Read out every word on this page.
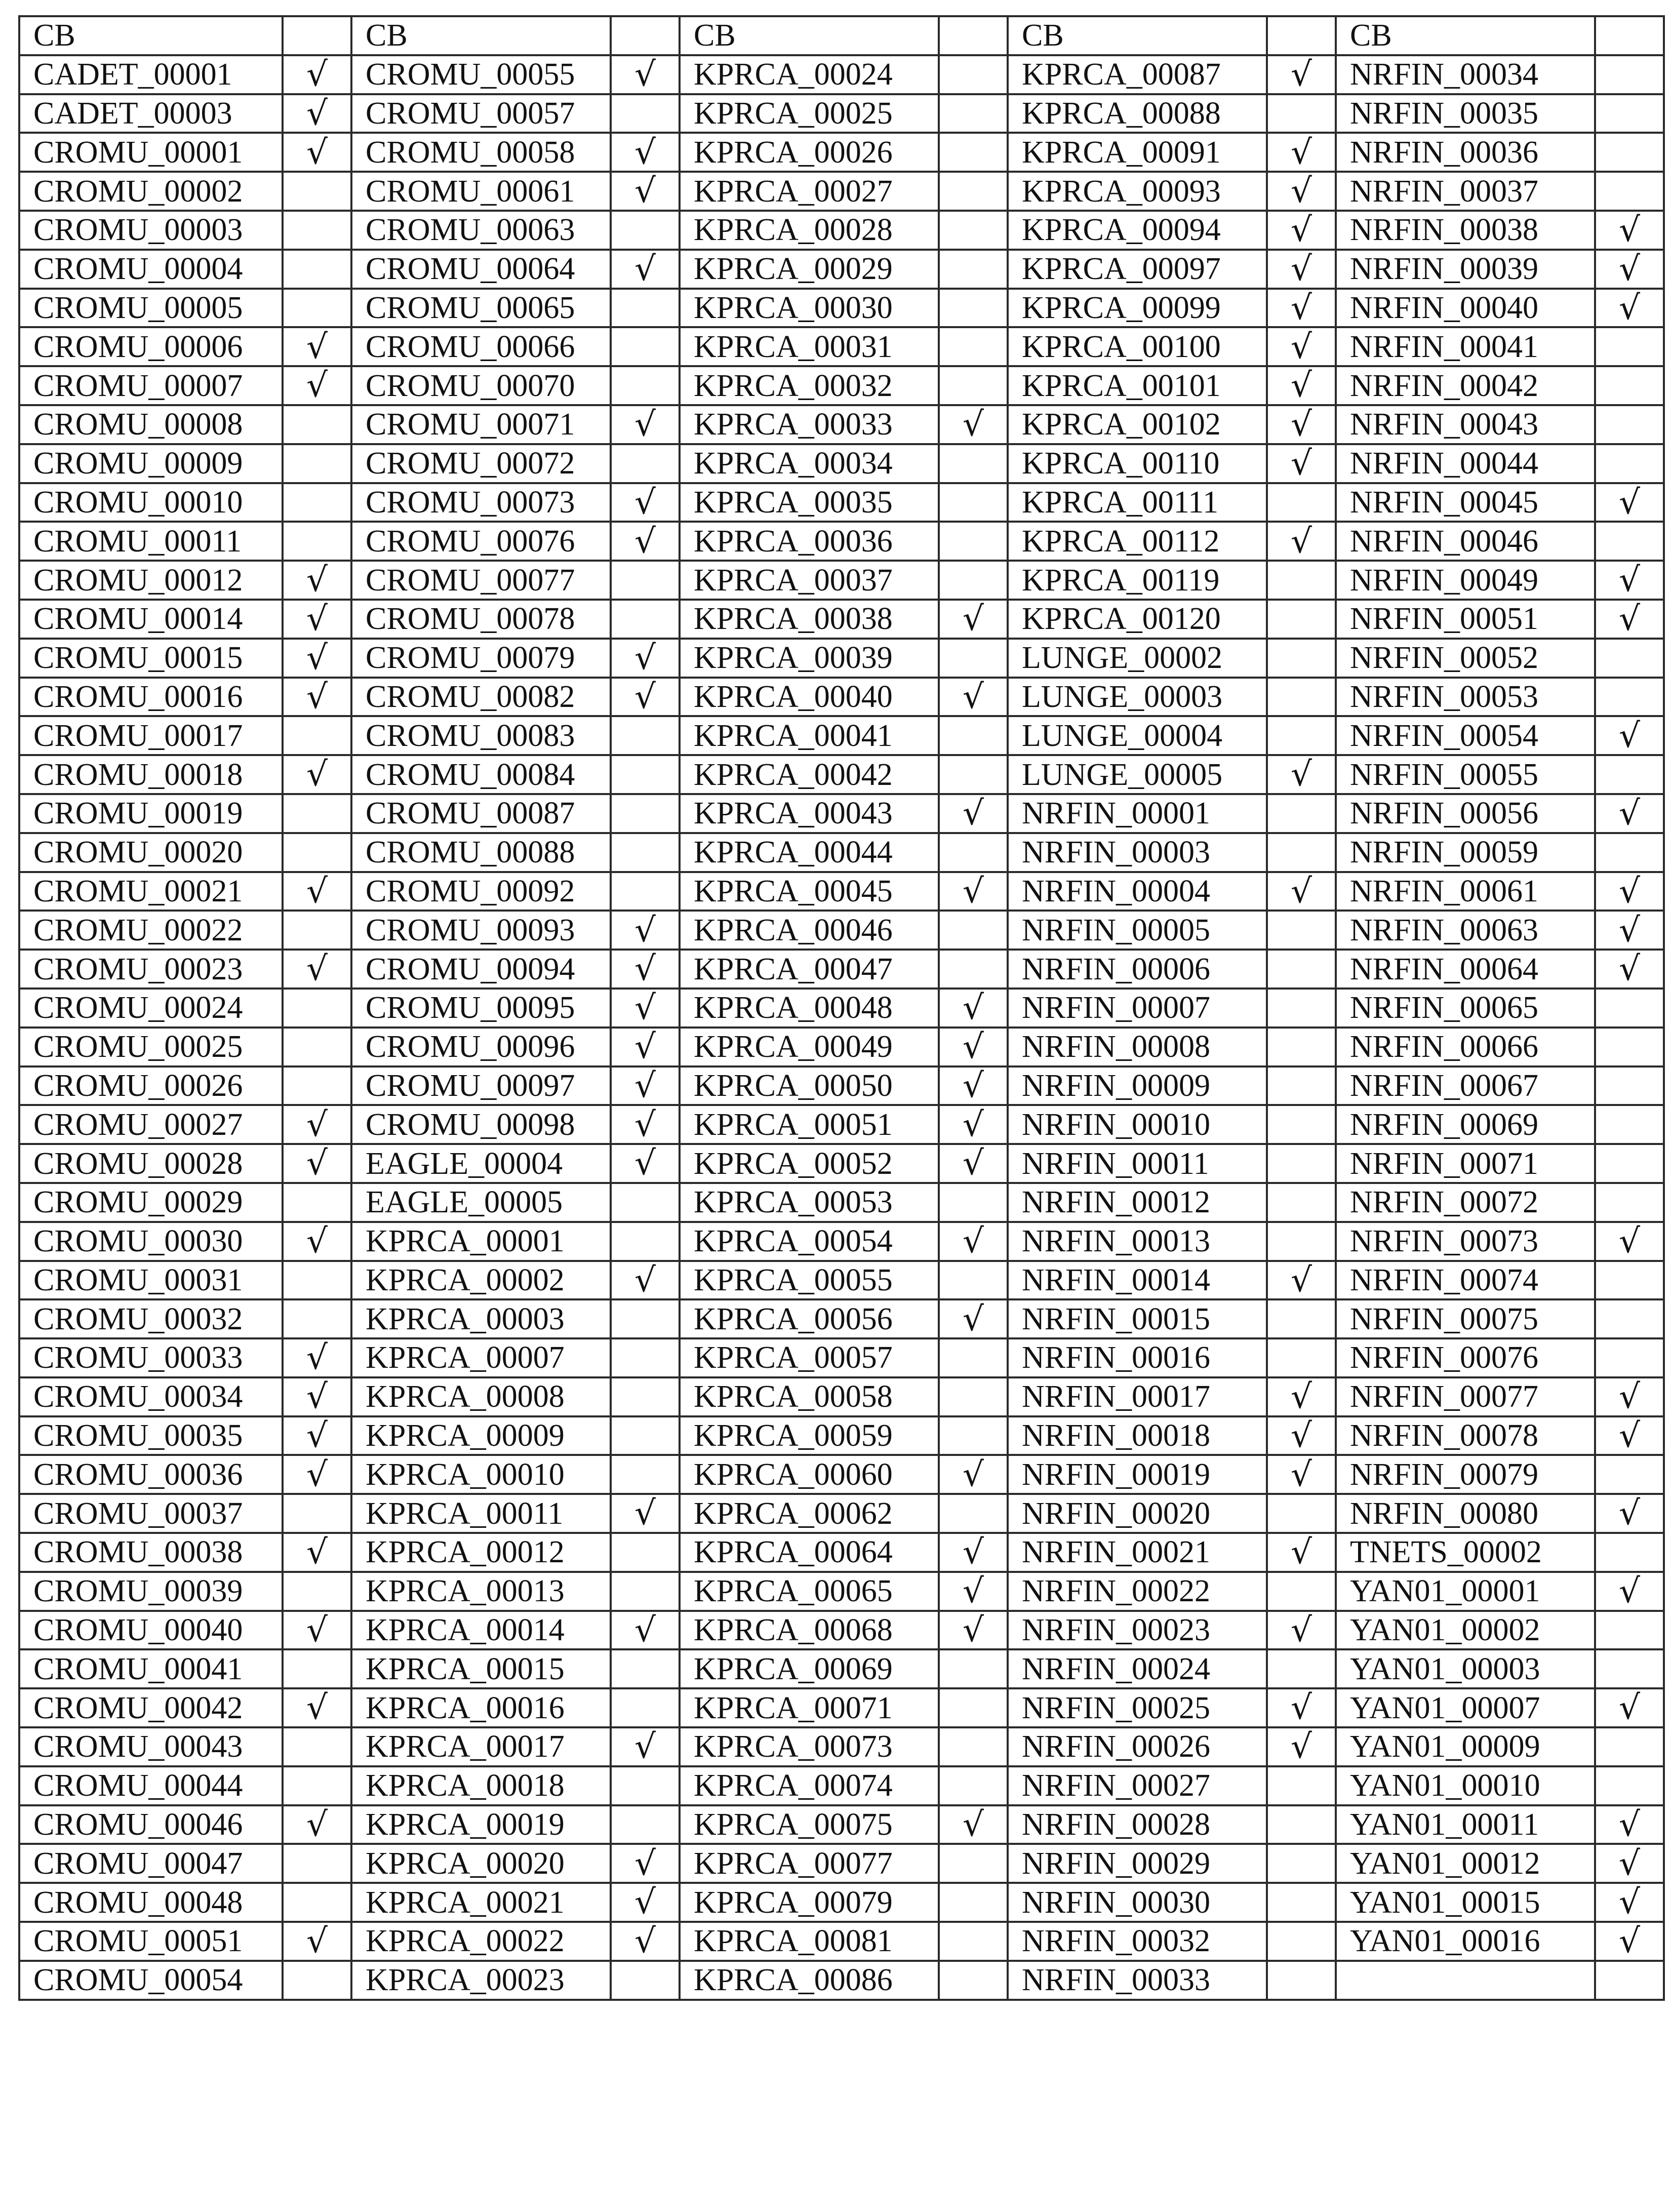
CB		CB		CB		CB		CB	
CADET_00001	√	CROMU_00055	√	KPRCA_00024		KPRCA_00087	√	NRFIN_00034	
CADET_00003	√	CROMU_00057		KPRCA_00025		KPRCA_00088		NRFIN_00035	
CROMU_00001	√	CROMU_00058	√	KPRCA_00026		KPRCA_00091	√	NRFIN_00036	
CROMU_00002		CROMU_00061	√	KPRCA_00027		KPRCA_00093	√	NRFIN_00037	
CROMU_00003		CROMU_00063		KPRCA_00028		KPRCA_00094	√	NRFIN_00038	√
CROMU_00004		CROMU_00064	√	KPRCA_00029		KPRCA_00097	√	NRFIN_00039	√
CROMU_00005		CROMU_00065		KPRCA_00030		KPRCA_00099	√	NRFIN_00040	√
CROMU_00006	√	CROMU_00066		KPRCA_00031		KPRCA_00100	√	NRFIN_00041	
CROMU_00007	√	CROMU_00070		KPRCA_00032		KPRCA_00101	√	NRFIN_00042	
CROMU_00008		CROMU_00071	√	KPRCA_00033	√	KPRCA_00102	√	NRFIN_00043	
CROMU_00009		CROMU_00072		KPRCA_00034		KPRCA_00110	√	NRFIN_00044	
CROMU_00010		CROMU_00073	√	KPRCA_00035		KPRCA_00111		NRFIN_00045	√
CROMU_00011		CROMU_00076	√	KPRCA_00036		KPRCA_00112	√	NRFIN_00046	
CROMU_00012	√	CROMU_00077		KPRCA_00037		KPRCA_00119		NRFIN_00049	√
CROMU_00014	√	CROMU_00078		KPRCA_00038	√	KPRCA_00120		NRFIN_00051	√
CROMU_00015	√	CROMU_00079	√	KPRCA_00039		LUNGE_00002		NRFIN_00052	
CROMU_00016	√	CROMU_00082	√	KPRCA_00040	√	LUNGE_00003		NRFIN_00053	
CROMU_00017		CROMU_00083		KPRCA_00041		LUNGE_00004		NRFIN_00054	√
CROMU_00018	√	CROMU_00084		KPRCA_00042		LUNGE_00005	√	NRFIN_00055	
CROMU_00019		CROMU_00087		KPRCA_00043	√	NRFIN_00001		NRFIN_00056	√
CROMU_00020		CROMU_00088		KPRCA_00044		NRFIN_00003		NRFIN_00059	
CROMU_00021	√	CROMU_00092		KPRCA_00045	√	NRFIN_00004	√	NRFIN_00061	√
CROMU_00022		CROMU_00093	√	KPRCA_00046		NRFIN_00005		NRFIN_00063	√
CROMU_00023	√	CROMU_00094	√	KPRCA_00047		NRFIN_00006		NRFIN_00064	√
CROMU_00024		CROMU_00095	√	KPRCA_00048	√	NRFIN_00007		NRFIN_00065	
CROMU_00025		CROMU_00096	√	KPRCA_00049	√	NRFIN_00008		NRFIN_00066	
CROMU_00026		CROMU_00097	√	KPRCA_00050	√	NRFIN_00009		NRFIN_00067	
CROMU_00027	√	CROMU_00098	√	KPRCA_00051	√	NRFIN_00010		NRFIN_00069	
CROMU_00028	√	EAGLE_00004	√	KPRCA_00052	√	NRFIN_00011		NRFIN_00071	
CROMU_00029		EAGLE_00005		KPRCA_00053		NRFIN_00012		NRFIN_00072	
CROMU_00030	√	KPRCA_00001		KPRCA_00054	√	NRFIN_00013		NRFIN_00073	√
CROMU_00031		KPRCA_00002	√	KPRCA_00055		NRFIN_00014	√	NRFIN_00074	
CROMU_00032		KPRCA_00003		KPRCA_00056	√	NRFIN_00015		NRFIN_00075	
CROMU_00033	√	KPRCA_00007		KPRCA_00057		NRFIN_00016		NRFIN_00076	
CROMU_00034	√	KPRCA_00008		KPRCA_00058		NRFIN_00017	√	NRFIN_00077	√
CROMU_00035	√	KPRCA_00009		KPRCA_00059		NRFIN_00018	√	NRFIN_00078	√
CROMU_00036	√	KPRCA_00010		KPRCA_00060	√	NRFIN_00019	√	NRFIN_00079	
CROMU_00037		KPRCA_00011	√	KPRCA_00062		NRFIN_00020		NRFIN_00080	√
CROMU_00038	√	KPRCA_00012		KPRCA_00064	√	NRFIN_00021	√	TNETS_00002	
CROMU_00039		KPRCA_00013		KPRCA_00065	√	NRFIN_00022		YAN01_00001	√
CROMU_00040	√	KPRCA_00014	√	KPRCA_00068	√	NRFIN_00023	√	YAN01_00002	
CROMU_00041		KPRCA_00015		KPRCA_00069		NRFIN_00024		YAN01_00003	
CROMU_00042	√	KPRCA_00016		KPRCA_00071		NRFIN_00025	√	YAN01_00007	√
CROMU_00043		KPRCA_00017	√	KPRCA_00073		NRFIN_00026	√	YAN01_00009	
CROMU_00044		KPRCA_00018		KPRCA_00074		NRFIN_00027		YAN01_00010	
CROMU_00046	√	KPRCA_00019		KPRCA_00075	√	NRFIN_00028		YAN01_00011	√
CROMU_00047		KPRCA_00020	√	KPRCA_00077		NRFIN_00029		YAN01_00012	√
CROMU_00048		KPRCA_00021	√	KPRCA_00079		NRFIN_00030		YAN01_00015	√
CROMU_00051	√	KPRCA_00022	√	KPRCA_00081		NRFIN_00032		YAN01_00016	√
CROMU_00054		KPRCA_00023		KPRCA_00086		NRFIN_00033			
